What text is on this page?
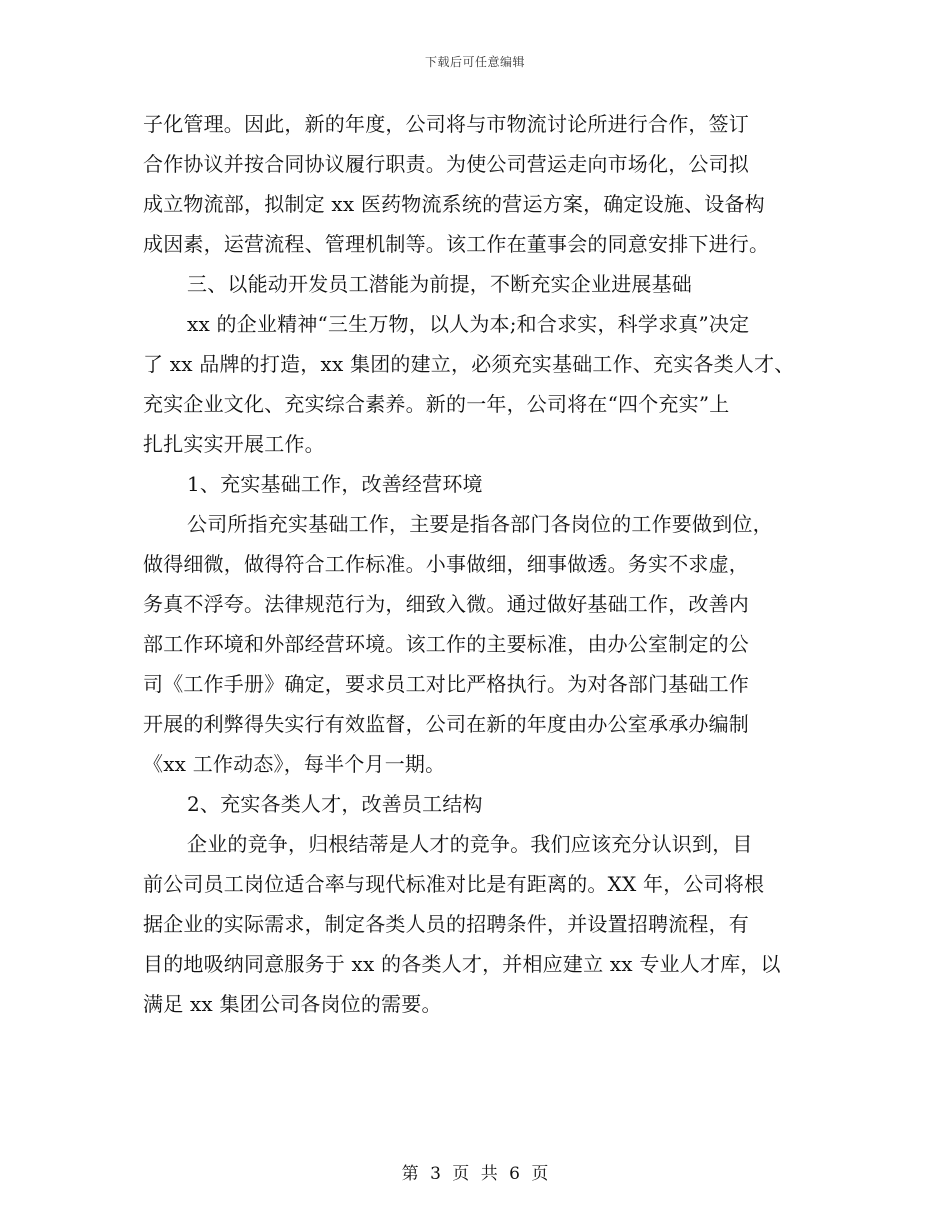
下载后可任意编辑
子化管理。因此，新的年度，公司将与市物流讨论所进行合作，签订
合作协议并按合同协议履行职责。为使公司营运走向市场化，公司拟
成立物流部，拟制定 xx 医药物流系统的营运方案，确定设施、设备构
成因素，运营流程、管理机制等。该工作在董事会的同意安排下进行。
三、以能动开发员工潜能为前提，不断充实企业进展基础
xx 的企业精神“三生万物，以人为本;和合求实，科学求真”决定
了 xx 品牌的打造，xx 集团的建立，必须充实基础工作、充实各类人才、
充实企业文化、充实综合素养。新的一年，公司将在“四个充实”上
扎扎实实开展工作。
1、充实基础工作，改善经营环境
公司所指充实基础工作，主要是指各部门各岗位的工作要做到位，
做得细微，做得符合工作标准。小事做细，细事做透。务实不求虚，
务真不浮夸。法律规范行为，细致入微。通过做好基础工作，改善内
部工作环境和外部经营环境。该工作的主要标准，由办公室制定的公
司《工作手册》确定，要求员工对比严格执行。为对各部门基础工作
开展的利弊得失实行有效监督，公司在新的年度由办公室承承办编制
《xx 工作动态》，每半个月一期。
2、充实各类人才，改善员工结构
企业的竞争，归根结蒂是人才的竞争。我们应该充分认识到，目
前公司员工岗位适合率与现代标准对比是有距离的。XX 年，公司将根
据企业的实际需求，制定各类人员的招聘条件，并设置招聘流程，有
目的地吸纳同意服务于 xx 的各类人才，并相应建立 xx 专业人才库，以
满足 xx 集团公司各岗位的需要。
第 3 页 共 6 页
